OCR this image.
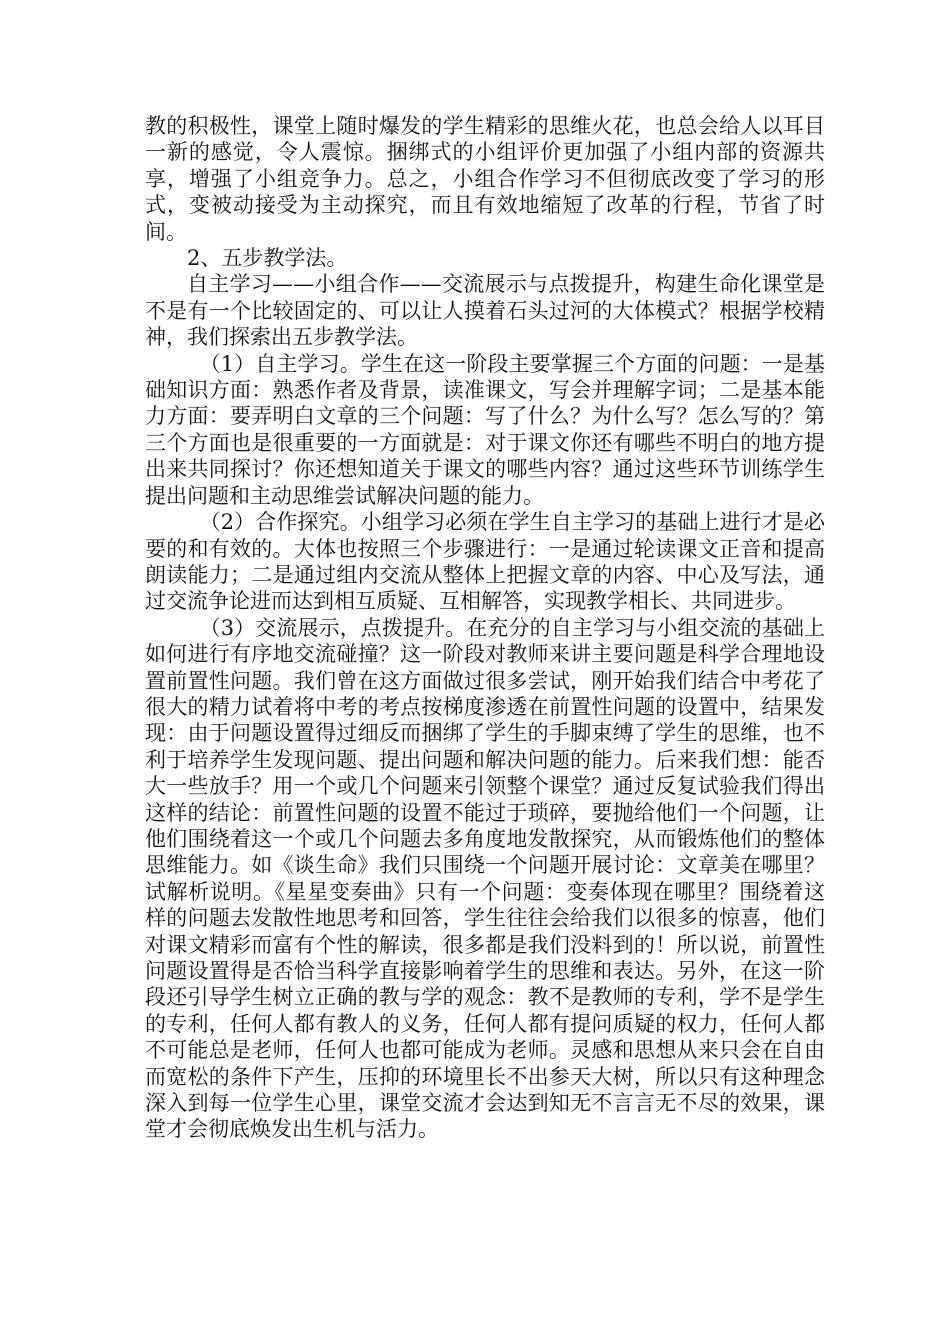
教的积极性，课堂上随时爆发的学生精彩的思维火花，也总会给人以耳目一新的感觉，令人震惊。捆绑式的小组评价更加强了小组内部的资源共享，增强了小组竞争力。总之，小组合作学习不但彻底改变了学习的形式，变被动接受为主动探究，而且有效地缩短了改革的行程，节省了时间。

2、五步教学法。

自主学习——小组合作——交流展示与点拨提升，构建生命化课堂是不是有一个比较固定的、可以让人摸着石头过河的大体模式？根据学校精神，我们探索出五步教学法。

（1）自主学习。学生在这一阶段主要掌握三个方面的问题：一是基础知识方面：熟悉作者及背景，读准课文，写会并理解字词；二是基本能力方面：要弄明白文章的三个问题：写了什么？为什么写？怎么写的？第三个方面也是很重要的一方面就是：对于课文你还有哪些不明白的地方提出来共同探讨？你还想知道关于课文的哪些内容？通过这些环节训练学生提出问题和主动思维尝试解决问题的能力。

（2）合作探究。小组学习必须在学生自主学习的基础上进行才是必要的和有效的。大体也按照三个步骤进行：一是通过轮读课文正音和提高朗读能力；二是通过组内交流从整体上把握文章的内容、中心及写法，通过交流争论进而达到相互质疑、互相解答，实现教学相长、共同进步。

（3）交流展示，点拨提升。在充分的自主学习与小组交流的基础上如何进行有序地交流碰撞？这一阶段对教师来讲主要问题是科学合理地设置前置性问题。我们曾在这方面做过很多尝试，刚开始我们结合中考花了很大的精力试着将中考的考点按梯度渗透在前置性问题的设置中，结果发现：由于问题设置得过细反而捆绑了学生的手脚束缚了学生的思维，也不利于培养学生发现问题、提出问题和解决问题的能力。后来我们想：能否大一些放手？用一个或几个问题来引领整个课堂？通过反复试验我们得出这样的结论：前置性问题的设置不能过于琐碎，要抛给他们一个问题，让他们围绕着这一个或几个问题去多角度地发散探究，从而锻炼他们的整体思维能力。如《谈生命》我们只围绕一个问题开展讨论：文章美在哪里？试解析说明。《星星变奏曲》只有一个问题：变奏体现在哪里？围绕着这样的问题去发散性地思考和回答，学生往往会给我们以很多的惊喜，他们对课文精彩而富有个性的解读，很多都是我们没料到的！所以说，前置性问题设置得是否恰当科学直接影响着学生的思维和表达。另外，在这一阶段还引导学生树立正确的教与学的观念：教不是教师的专利，学不是学生的专利，任何人都有教人的义务，任何人都有提问质疑的权力，任何人都不可能总是老师，任何人也都可能成为老师。灵感和思想从来只会在自由而宽松的条件下产生，压抑的环境里长不出参天大树，所以只有这种理念深入到每一位学生心里，课堂交流才会达到知无不言言无不尽的效果，课堂才会彻底焕发出生机与活力。
